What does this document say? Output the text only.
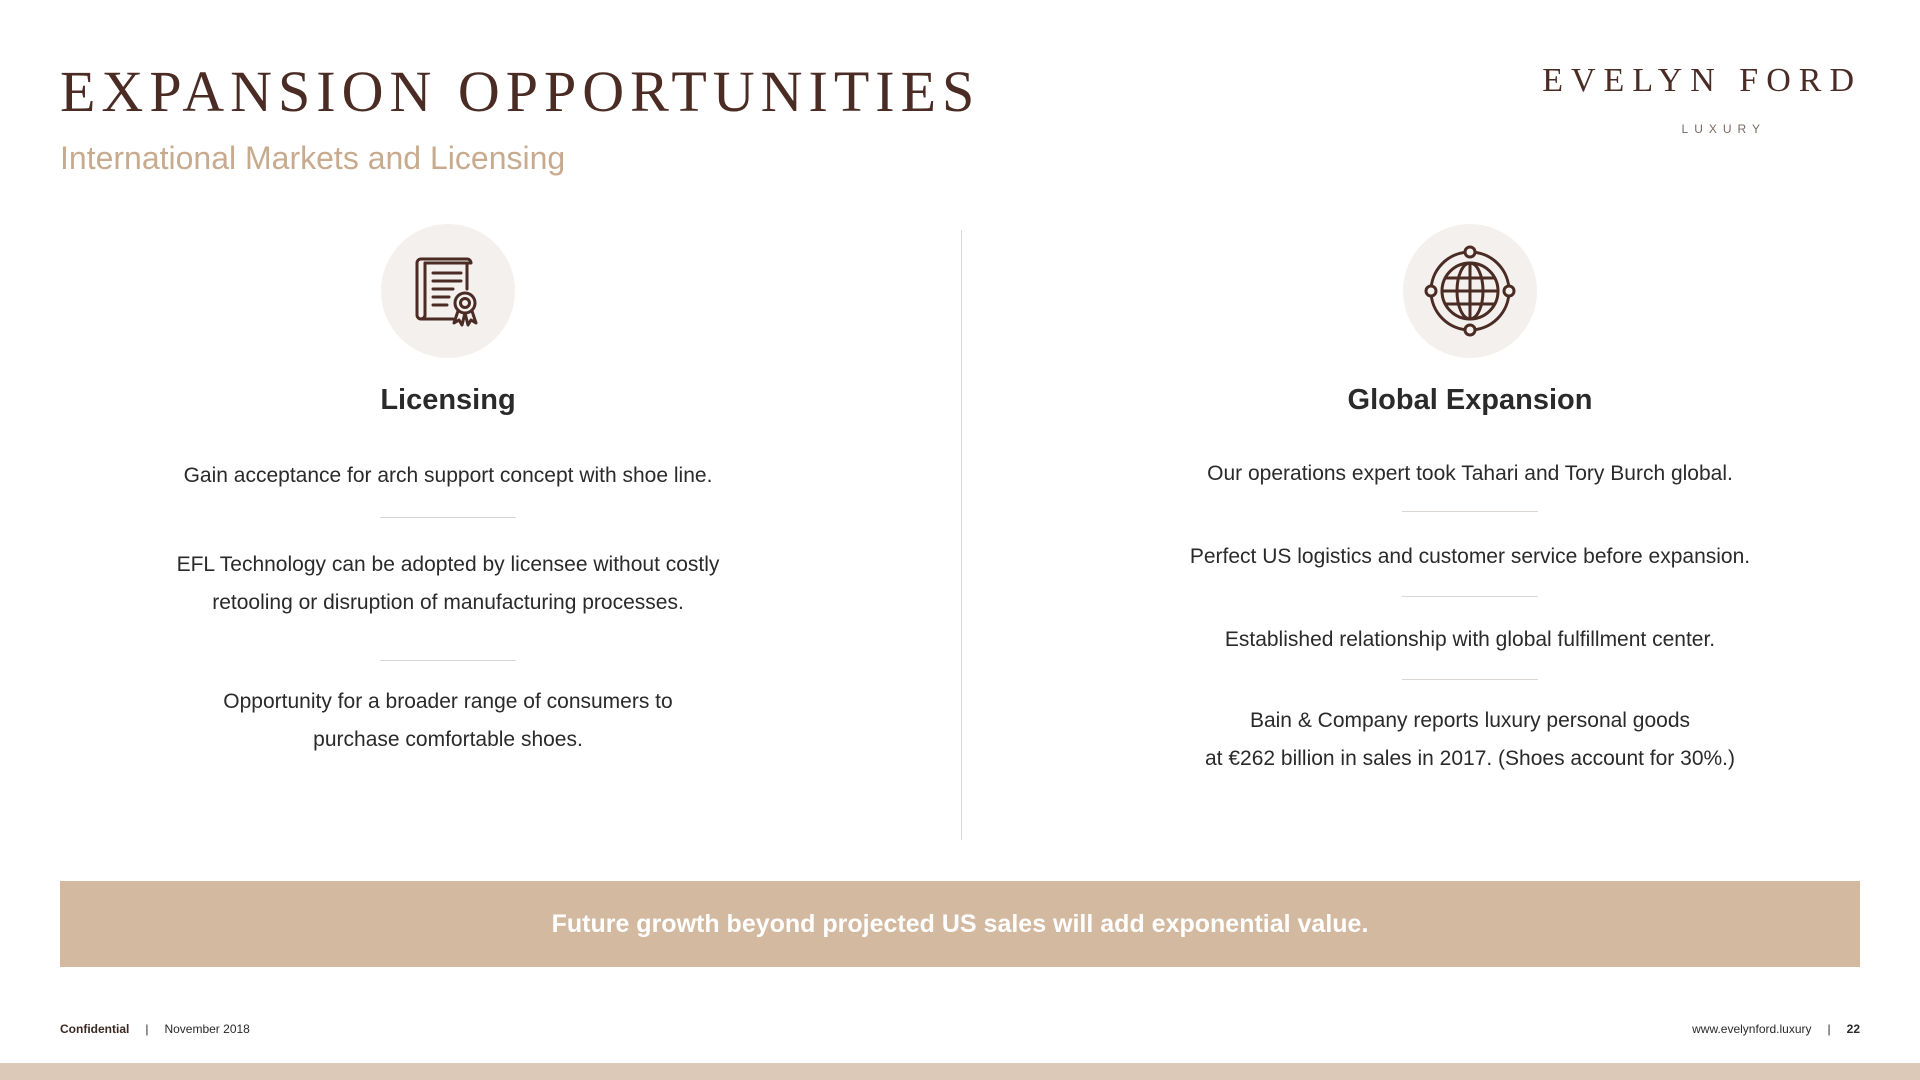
EXPANSION OPPORTUNITIES
International Markets and Licensing
EVELYN FORD
LUXURY
Licensing

Gain acceptance for arch support concept with shoe line.

EFL Technology can be adopted by licensee without costly
retooling or disruption of manufacturing processes.

Opportunity for a broader range of consumers to
purchase comfortable shoes.

Global Expansion

Our operations expert took Tahari and Tory Burch global.

Perfect US logistics and customer service before expansion.

Established relationship with global fulfillment center.

Bain & Company reports luxury personal goods
at €262 billion in sales in 2017. (Shoes account for 30%.)

Future growth beyond projected US sales will add exponential value.
Confidential | November 2018	www.evelynford.luxury | 22
